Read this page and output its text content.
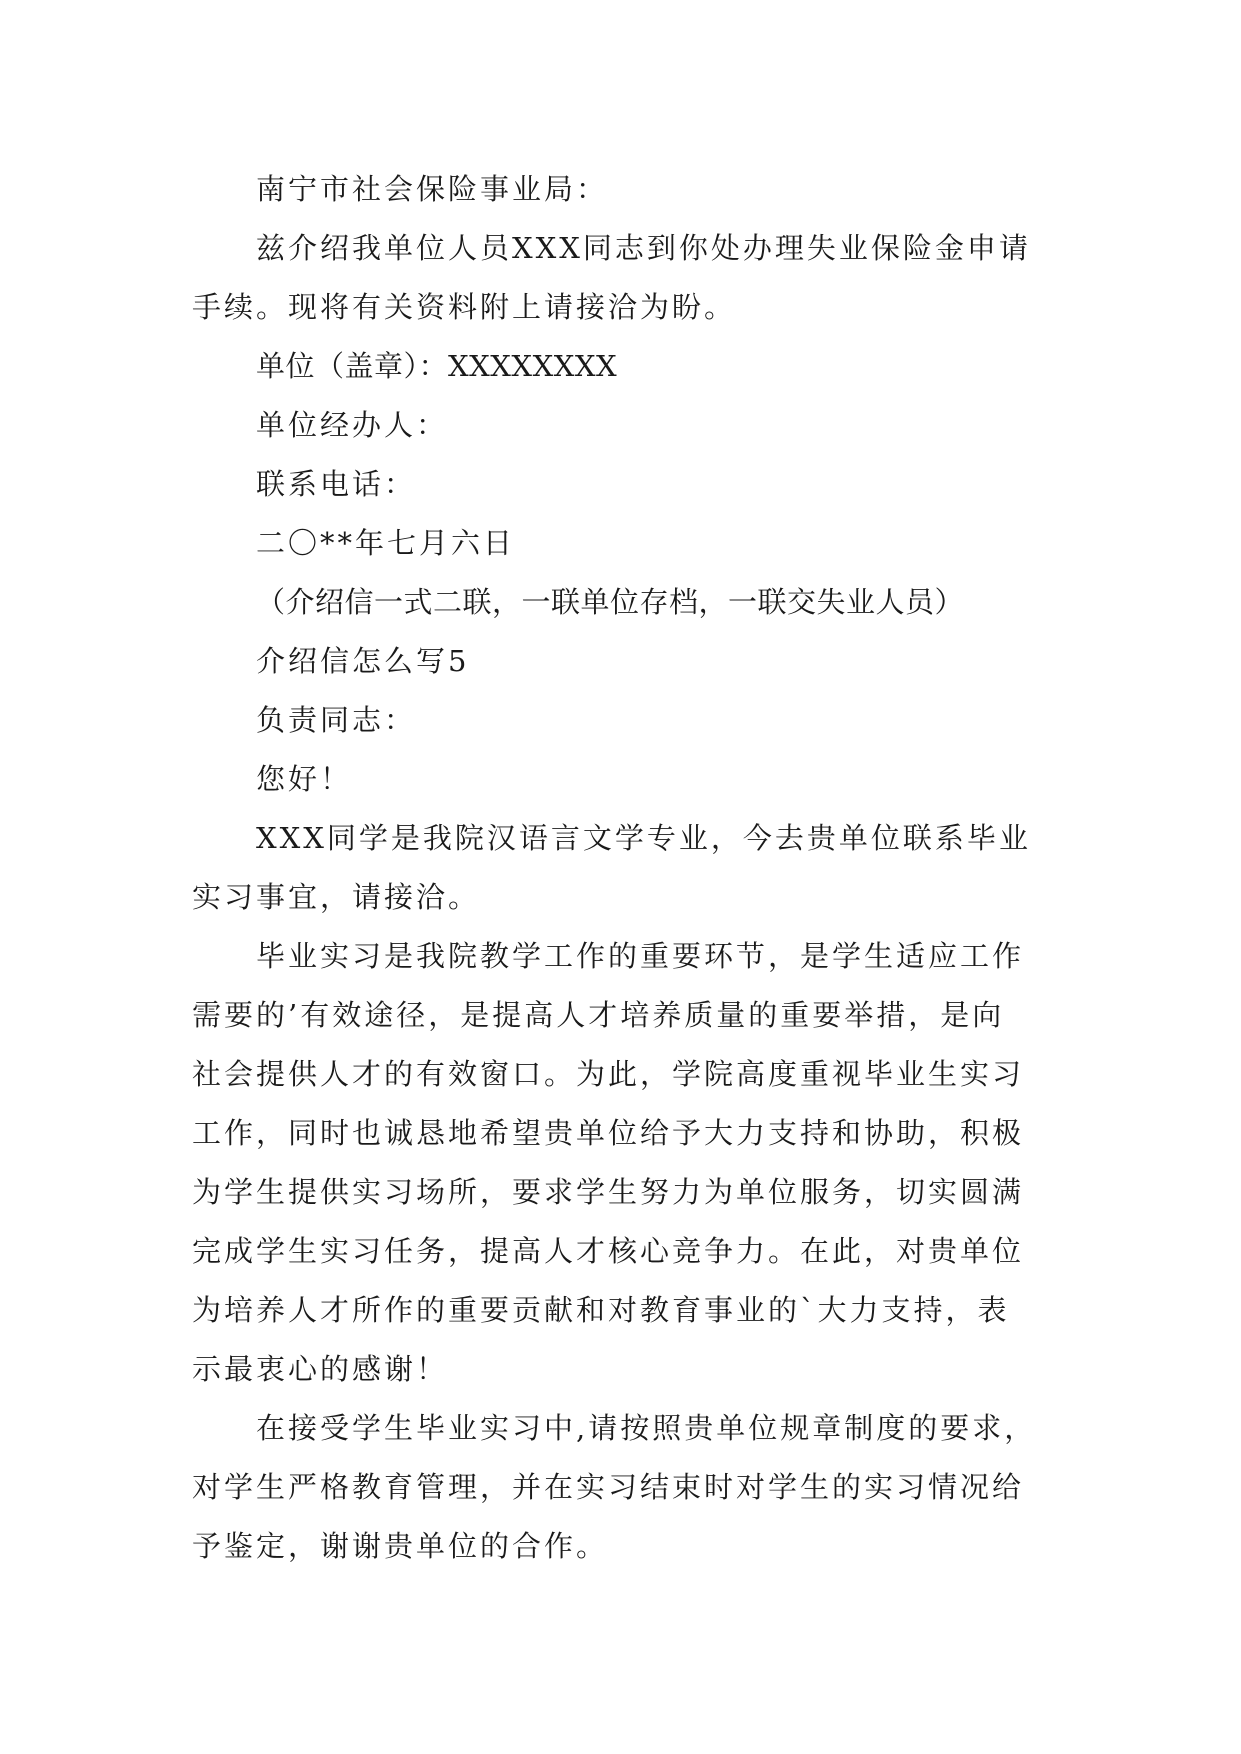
南宁市社会保险事业局：
兹介绍我单位人员XXX同志到你处办理失业保险金申请
手续。现将有关资料附上请接洽为盼。
单位（盖章）：XXXXXXXX
单位经办人：
联系电话：
二〇**年七月六日
（介绍信一式二联，一联单位存档，一联交失业人员）
介绍信怎么写5
负责同志：
您好！
XXX同学是我院汉语言文学专业，今去贵单位联系毕业
实习事宜，请接洽。
毕业实习是我院教学工作的重要环节，是学生适应工作
需要的’有效途径，是提高人才培养质量的重要举措，是向
社会提供人才的有效窗口。为此，学院高度重视毕业生实习
工作，同时也诚恳地希望贵单位给予大力支持和协助，积极
为学生提供实习场所，要求学生努力为单位服务，切实圆满
完成学生实习任务，提高人才核心竞争力。在此，对贵单位
为培养人才所作的重要贡献和对教育事业的`大力支持，表
示最衷心的感谢！
在接受学生毕业实习中,请按照贵单位规章制度的要求，
对学生严格教育管理，并在实习结束时对学生的实习情况给
予鉴定，谢谢贵单位的合作。
